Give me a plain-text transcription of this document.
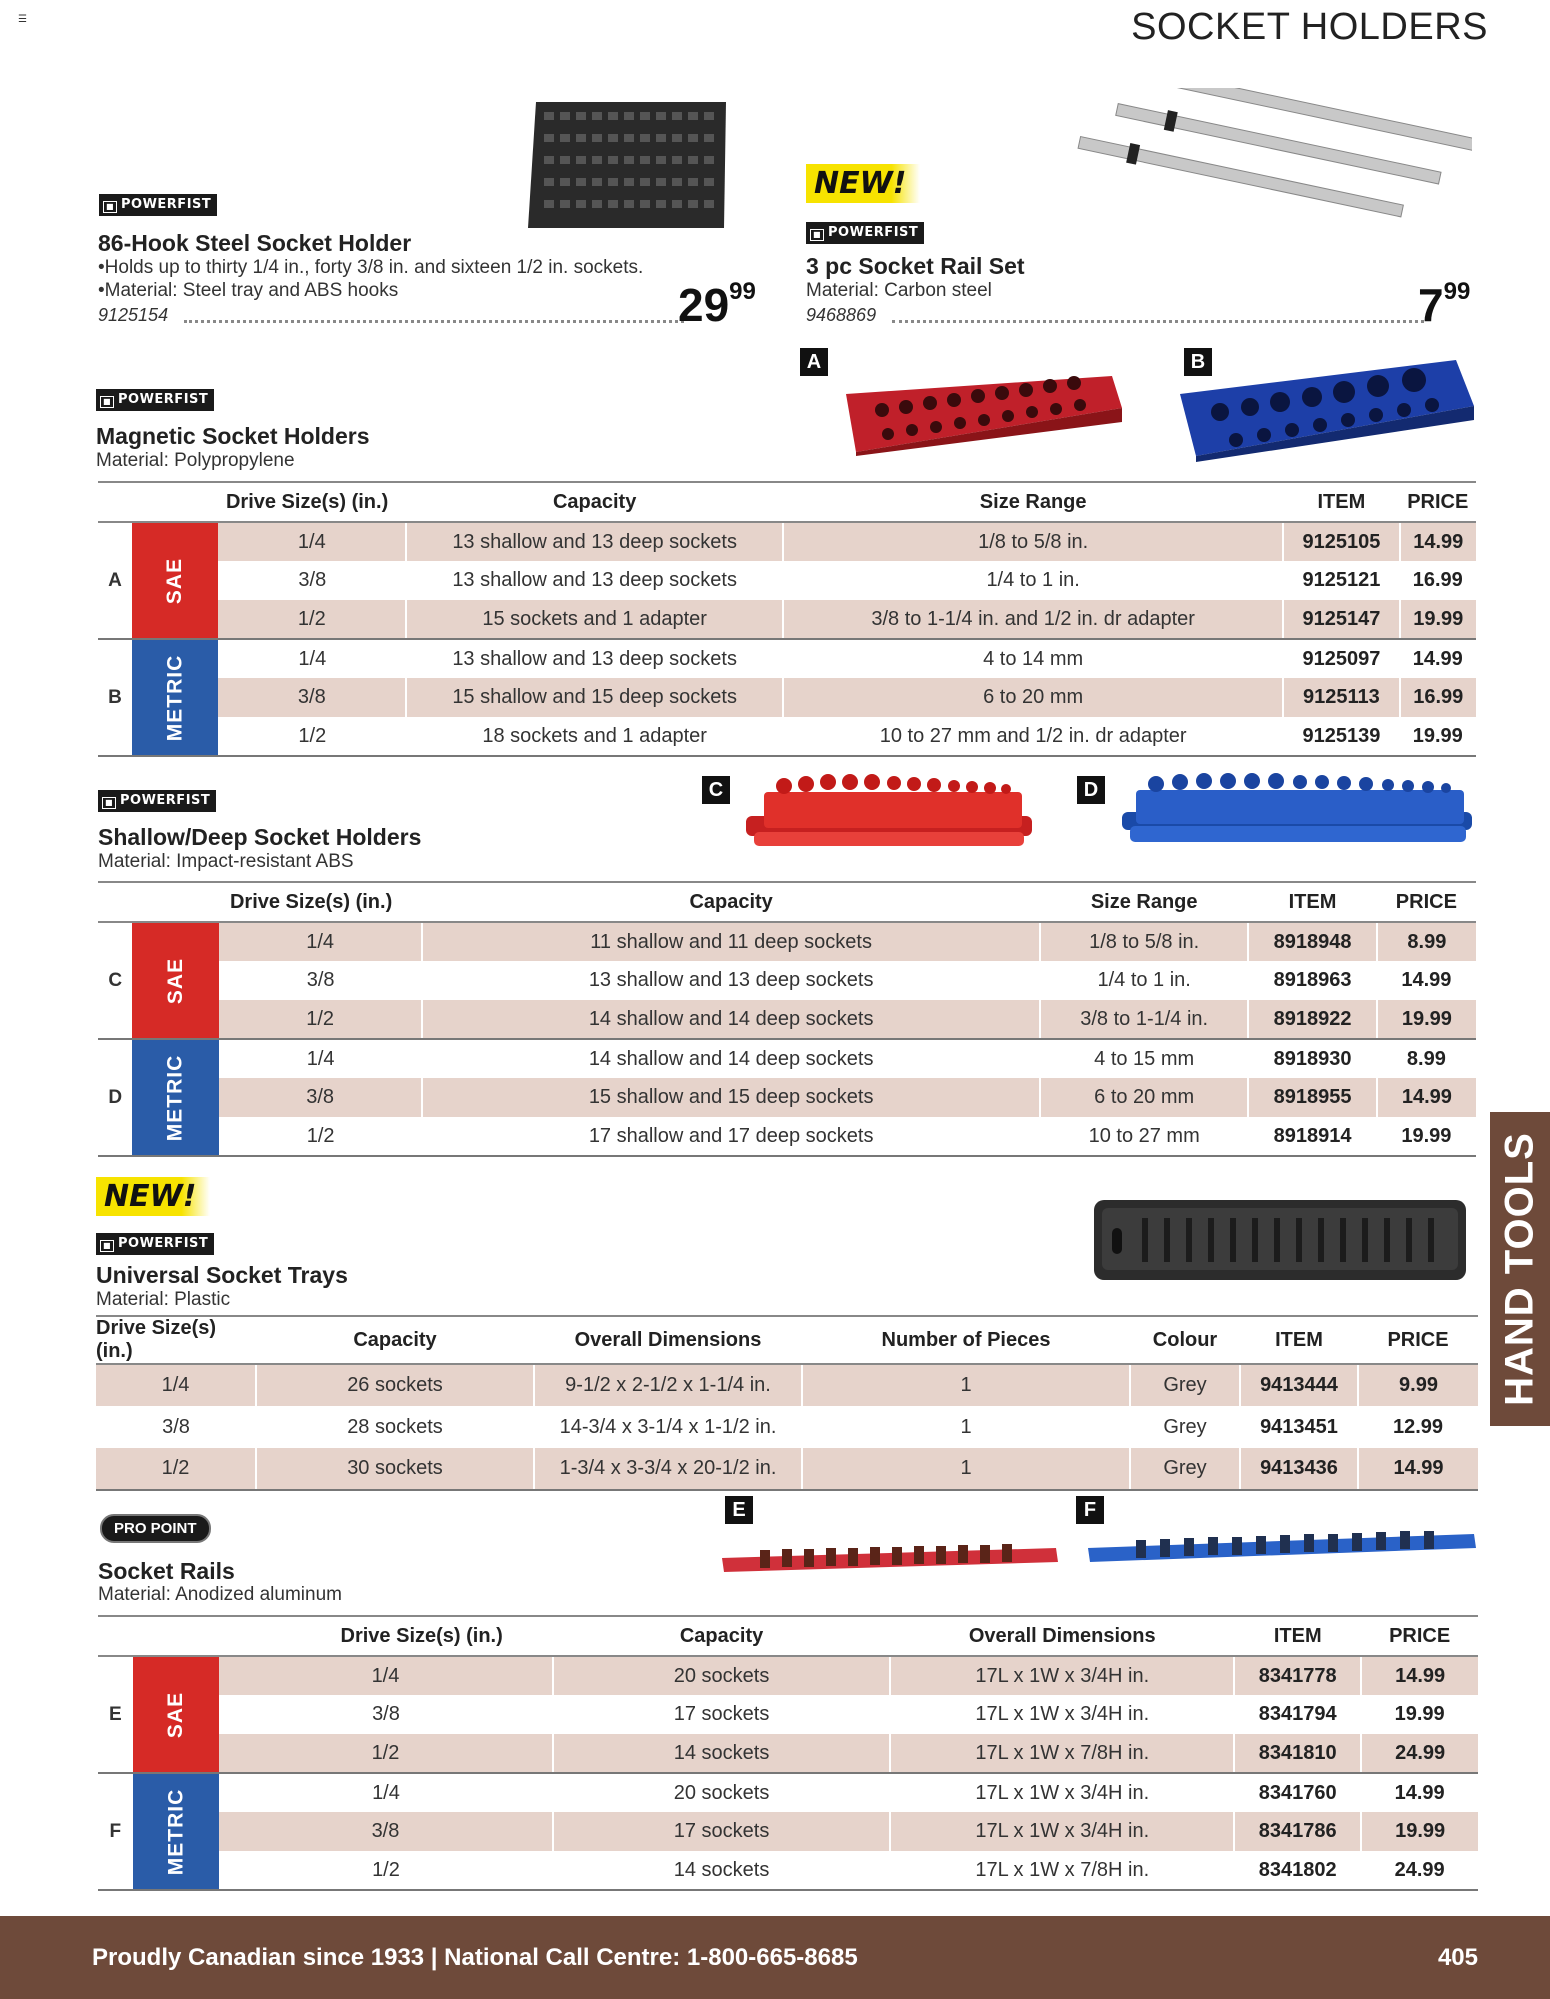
☰	SOCKET HOLDERS
■ POWERFIST
86-Hook Steel Socket Holder
•Holds up to thirty 1/4 in., forty 3/8 in. and sixteen 1/2 in. sockets.
•Material: Steel tray and ABS hooks
9125154	2999
NEW!
■ POWERFIST
3 pc Socket Rail Set
Material: Carbon steel
9468869	799
■ POWERFIST
Magnetic Socket Holders
Material: Polypropylene
A	B
Drive Size(s) (in.)			Capacity	Size Range	ITEM	PRICE
A	SAE	1/4	13 shallow and 13 deep sockets	1/8 to 5/8 in.	9125105	14.99
		3/8	13 shallow and 13 deep sockets	1/4 to 1 in.	9125121	16.99
		1/2	15 sockets and 1 adapter	3/8 to 1-1/4 in. and 1/2 in. dr adapter	9125147	19.99
B	METRIC	1/4	13 shallow and 13 deep sockets	4 to 14 mm	9125097	14.99
		3/8	15 shallow and 15 deep sockets	6 to 20 mm	9125113	16.99
		1/2	18 sockets and 1 adapter	10 to 27 mm and 1/2 in. dr adapter	9125139	19.99
■ POWERFIST
Shallow/Deep Socket Holders
Material: Impact-resistant ABS
C	D
Drive Size(s) (in.)			Capacity	Size Range	ITEM	PRICE
C	SAE	1/4	11 shallow and 11 deep sockets	1/8 to 5/8 in.	8918948	8.99
		3/8	13 shallow and 13 deep sockets	1/4 to 1 in.	8918963	14.99
		1/2	14 shallow and 14 deep sockets	3/8 to 1-1/4 in.	8918922	19.99
D	METRIC	1/4	14 shallow and 14 deep sockets	4 to 15 mm	8918930	8.99
		3/8	15 shallow and 15 deep sockets	6 to 20 mm	8918955	14.99
		1/2	17 shallow and 17 deep sockets	10 to 27 mm	8918914	19.99
NEW!
■ POWERFIST
Universal Socket Trays
Material: Plastic
Drive Size(s) (in.)	Capacity	Overall Dimensions	Number of Pieces	Colour	ITEM	PRICE
1/4	26 sockets	9-1/2 x 2-1/2 x 1-1/4 in.	1	Grey	9413444	9.99
3/8	28 sockets	14-3/4 x 3-1/4 x 1-1/2 in.	1	Grey	9413451	12.99
1/2	30 sockets	1-3/4 x 3-3/4 x 20-1/2 in.	1	Grey	9413436	14.99
PRO POINT
Socket Rails
Material: Anodized aluminum
E	F
Drive Size(s) (in.)			Capacity	Overall Dimensions	ITEM	PRICE
E	SAE	1/4	20 sockets	17L x 1W x 3/4H in.	8341778	14.99
		3/8	17 sockets	17L x 1W x 3/4H in.	8341794	19.99
		1/2	14 sockets	17L x 1W x 7/8H in.	8341810	24.99
F	METRIC	1/4	20 sockets	17L x 1W x 3/4H in.	8341760	14.99
		3/8	17 sockets	17L x 1W x 3/4H in.	8341786	19.99
		1/2	14 sockets	17L x 1W x 7/8H in.	8341802	24.99
HAND TOOLS
Proudly Canadian since 1933 | National Call Centre: 1-800-665-8685	405
